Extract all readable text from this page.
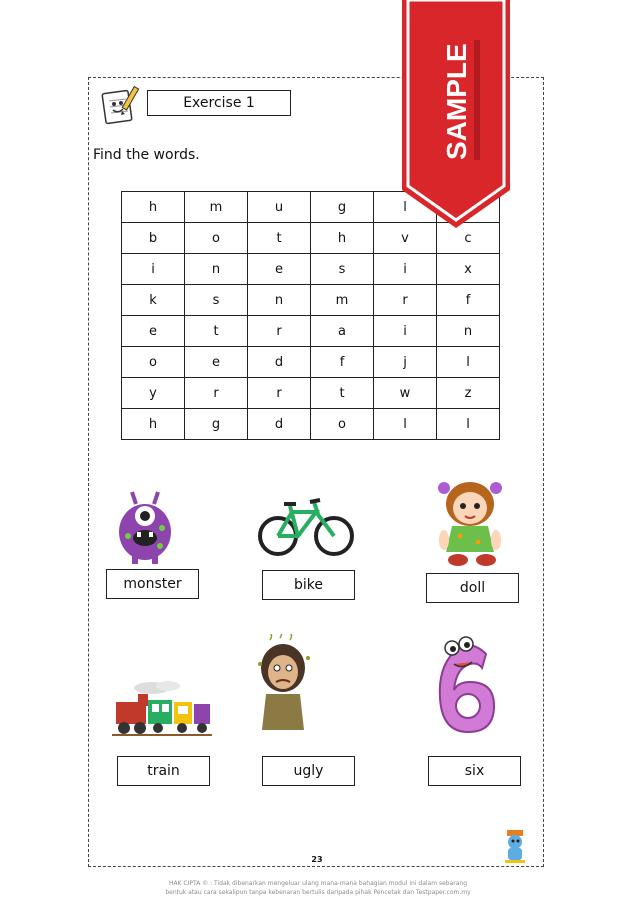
Exercise 1
Find the words.
h	m	u	g	l	
b	o	t	h	v	c
i	n	e	s	i	x
k	s	n	m	r	f
e	t	r	a	i	n
o	e	d	f	j	l
y	r	r	t	w	z
h	g	d	o	l	l
monster	bike	doll
train	ugly	six
23
HAK CIPTA © : Tidak dibenarkan mengeluar ulang mana-mana bahagian modul ini dalam sebarang
bentuk atau cara sekalipun tanpa kebenaran bertulis daripada pihak Pencetak dan Testpaper.com.my
SAMPLE
